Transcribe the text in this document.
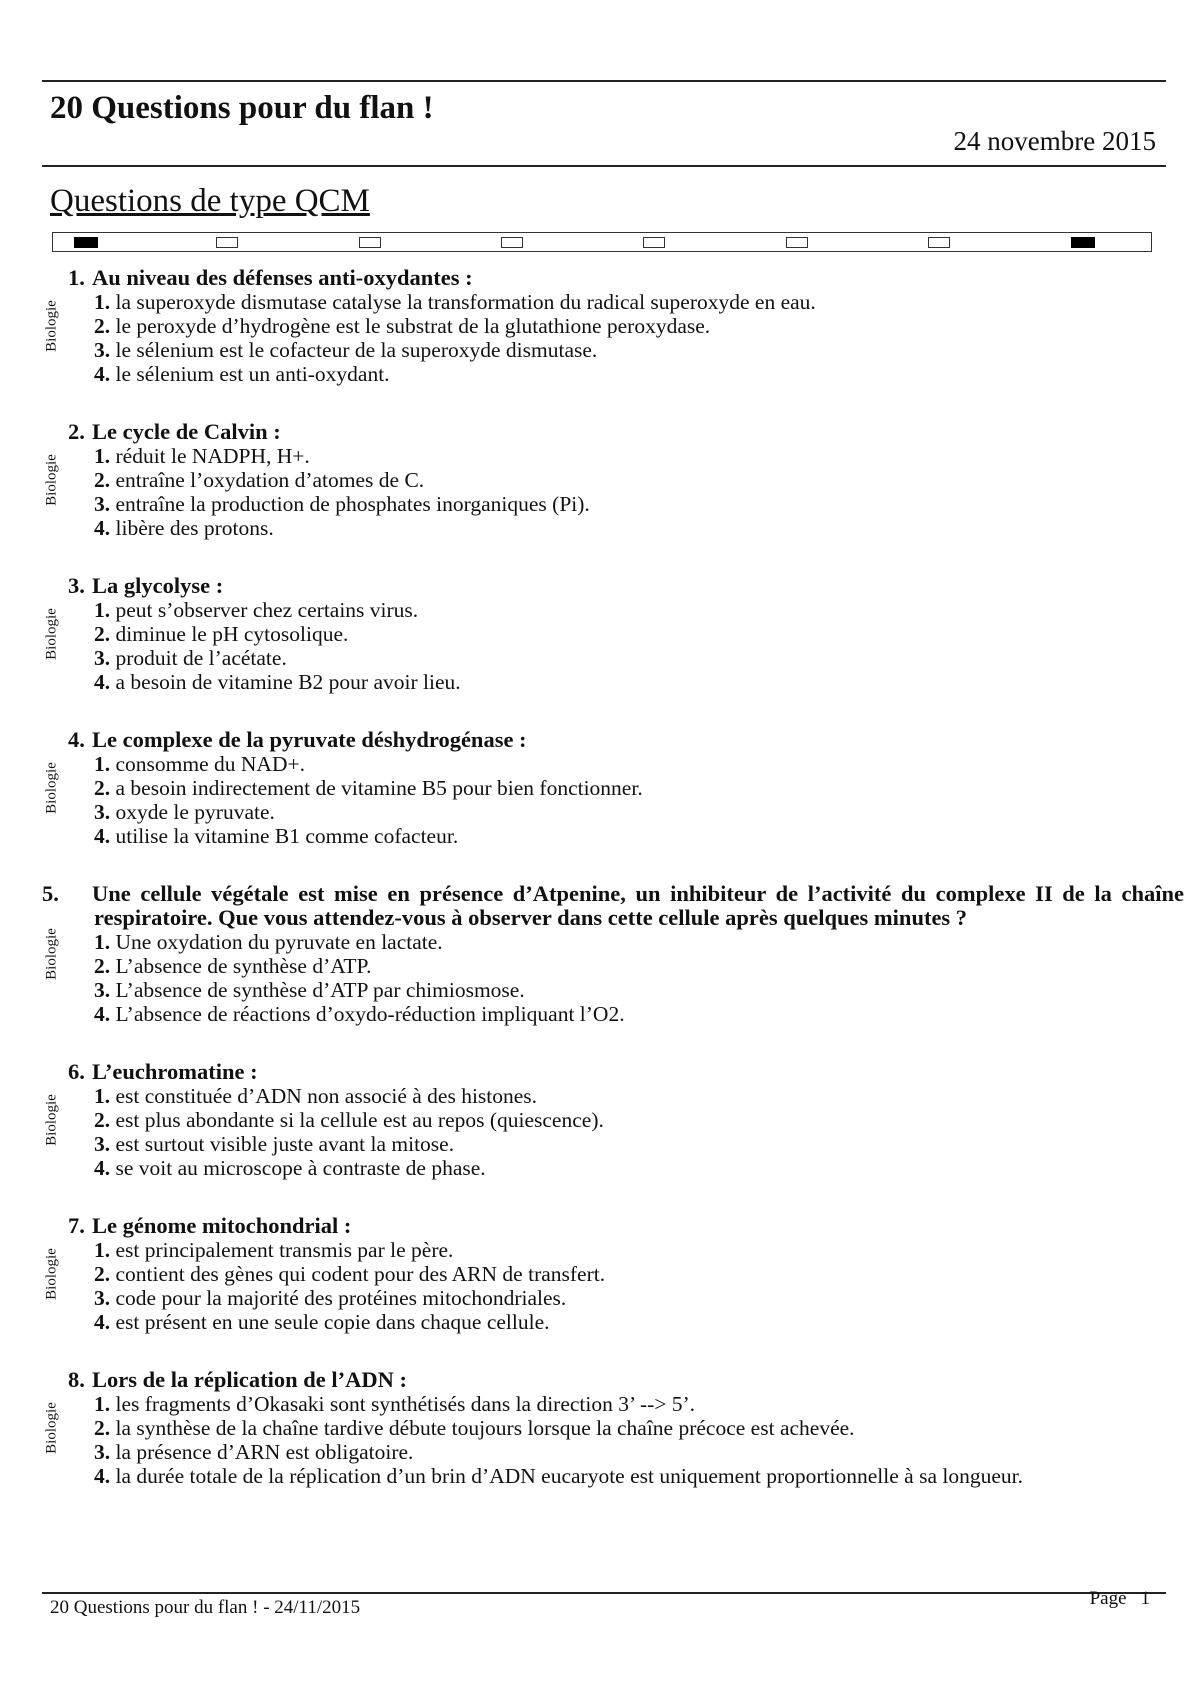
20 Questions pour du flan !
24 novembre 2015
Questions de type QCM
Biologie
1. Au niveau des défenses anti-oxydantes :
1. la superoxyde dismutase catalyse la transformation du radical superoxyde en eau.
2. le peroxyde d’hydrogène est le substrat de la glutathione peroxydase.
3. le sélenium est le cofacteur de la superoxyde dismutase.
4. le sélenium est un anti-oxydant.
Biologie
2. Le cycle de Calvin :
1. réduit le NADPH, H+.
2. entraîne l’oxydation d’atomes de C.
3. entraîne la production de phosphates inorganiques (Pi).
4. libère des protons.
Biologie
3. La glycolyse :
1. peut s’observer chez certains virus.
2. diminue le pH cytosolique.
3. produit de l’acétate.
4. a besoin de vitamine B2 pour avoir lieu.
Biologie
4. Le complexe de la pyruvate déshydrogénase :
1. consomme du NAD+.
2. a besoin indirectement de vitamine B5 pour bien fonctionner.
3. oxyde le pyruvate.
4. utilise la vitamine B1 comme cofacteur.
Biologie
5. Une cellule végétale est mise en présence d’Atpenine, un inhibiteur de l’activité du complexe II de la chaîne respiratoire. Que vous attendez-vous à observer dans cette cellule après quelques minutes ?
1. Une oxydation du pyruvate en lactate.
2. L’absence de synthèse d’ATP.
3. L’absence de synthèse d’ATP par chimiosmose.
4. L’absence de réactions d’oxydo-réduction impliquant l’O2.
Biologie
6. L’euchromatine :
1. est constituée d’ADN non associé à des histones.
2. est plus abondante si la cellule est au repos (quiescence).
3. est surtout visible juste avant la mitose.
4. se voit au microscope à contraste de phase.
Biologie
7. Le génome mitochondrial :
1. est principalement transmis par le père.
2. contient des gènes qui codent pour des ARN de transfert.
3. code pour la majorité des protéines mitochondriales.
4. est présent en une seule copie dans chaque cellule.
Biologie
8. Lors de la réplication de l’ADN :
1. les fragments d’Okasaki sont synthétisés dans la direction 3’ --> 5’.
2. la synthèse de la chaîne tardive débute toujours lorsque la chaîne précoce est achevée.
3. la présence d’ARN est obligatoire.
4. la durée totale de la réplication d’un brin d’ADN eucaryote est uniquement proportionnelle à sa longueur.
20 Questions pour du flan ! - 24/11/2015	Page 1
